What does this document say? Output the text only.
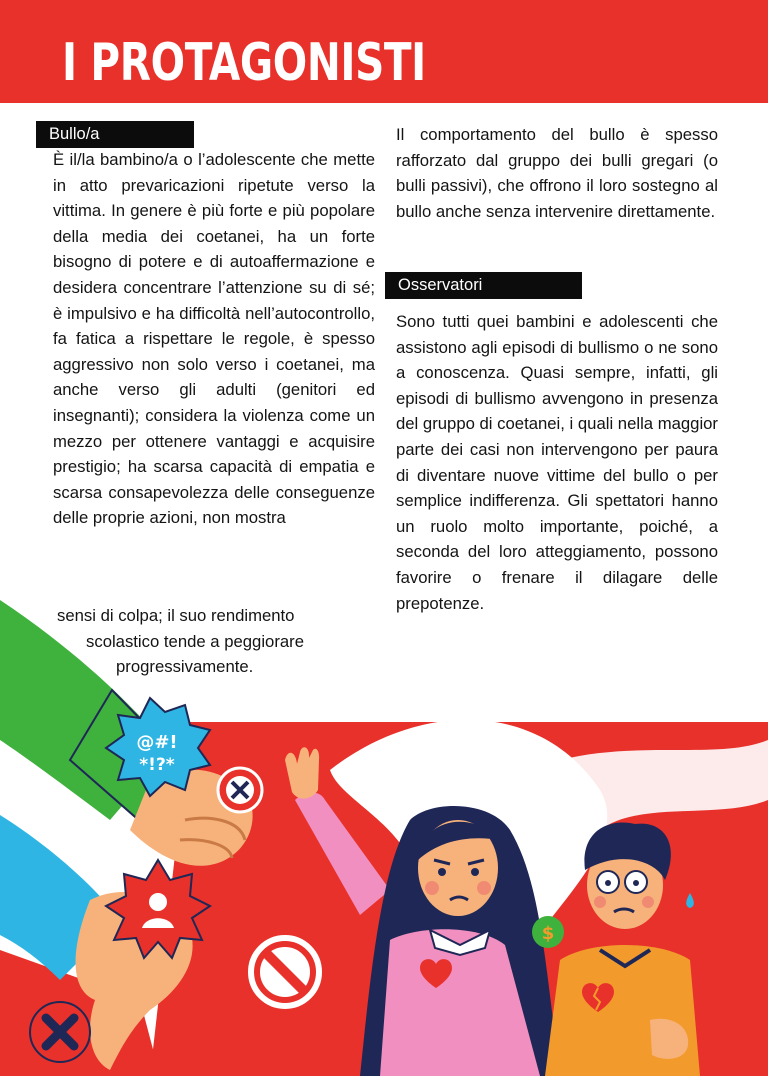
I PROTAGONISTI
Bullo/a

È il/la bambino/a o l’adolescente che mette in atto prevaricazioni ripetute verso la vittima. In genere è più forte e più popolare della media dei coetanei, ha un forte bisogno di potere e di autoaffermazione e desidera concentrare l’attenzione su di sé; è impulsivo e ha difficoltà nell’autocontrollo, fa fatica a rispettare le regole, è spesso aggressivo non solo verso i coetanei, ma anche verso gli adulti (genitori ed insegnanti); considera la violenza come un mezzo per ottenere vantaggi e acquisire prestigio; ha scarsa capacità di empatia e scarsa consapevolezza delle conseguenze delle proprie azioni, non mostra

sensi di colpa; il suo rendimento
scolastico tende a peggiorare
progressivamente.

Il comportamento del bullo è spesso rafforzato dal gruppo dei bulli gregari (o bulli passivi), che offrono il loro sostegno al bullo anche senza intervenire direttamente.

Osservatori

Sono tutti quei bambini e adolescenti che assistono agli episodi di bullismo o ne sono a conoscenza. Quasi sempre, infatti, gli episodi di bullismo avvengono in presenza del gruppo di coetanei, i quali nella maggior parte dei casi non intervengono per paura di diventare nuove vittime del bullo o per semplice indifferenza. Gli spettatori hanno un ruolo molto importante, poiché, a seconda del loro atteggiamento, possono favorire o frenare il dilagare delle prepotenze.

@#!
*!?*
$
